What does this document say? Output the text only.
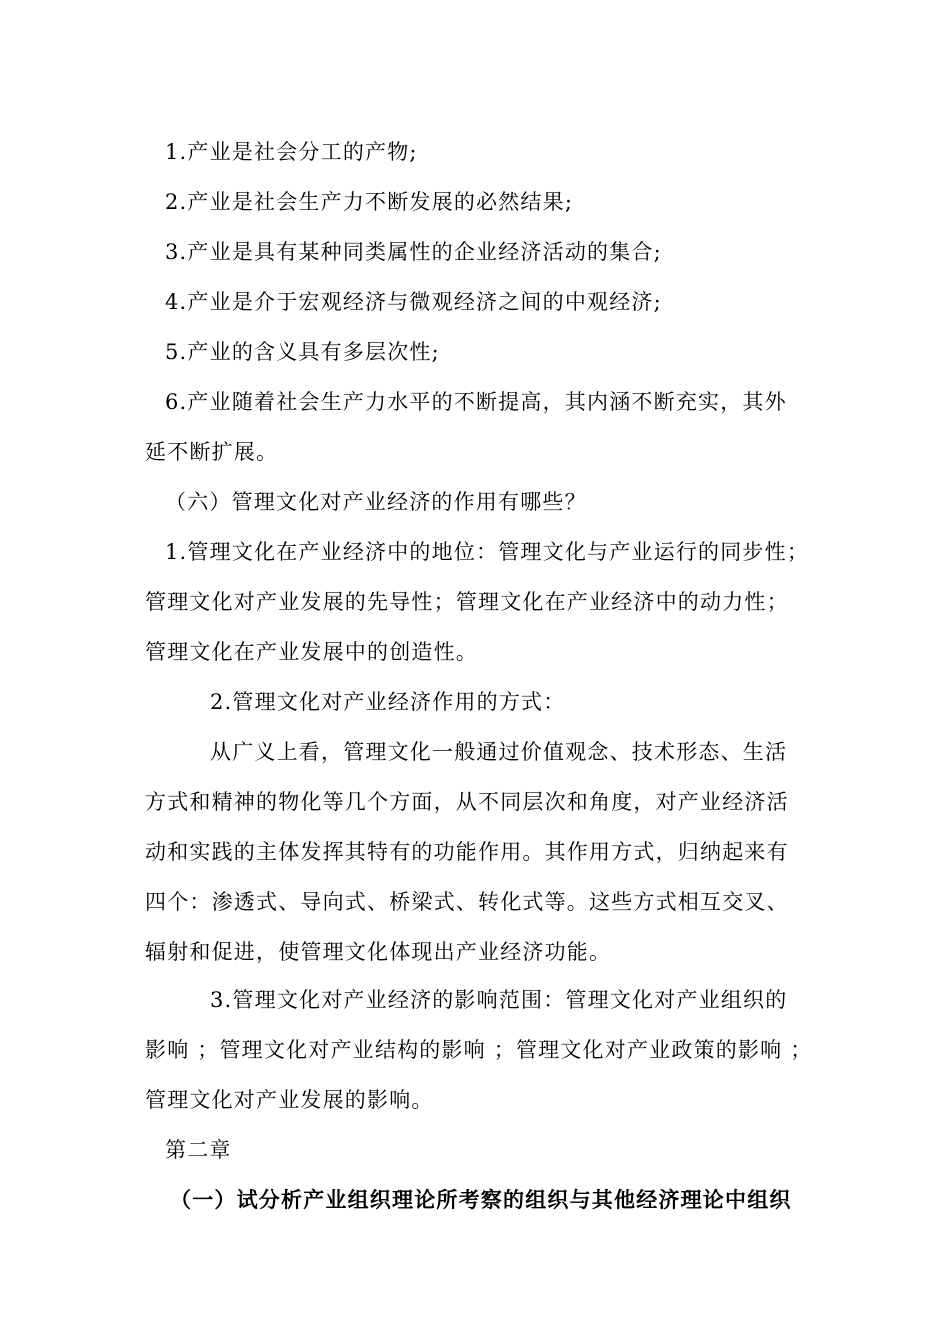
1.产业是社会分工的产物;
2.产业是社会生产力不断发展的必然结果;
3.产业是具有某种同类属性的企业经济活动的集合;
4.产业是介于宏观经济与微观经济之间的中观经济;
5.产业的含义具有多层次性;
6.产业随着社会生产力水平的不断提高，其内涵不断充实，其外
延不断扩展。
（六）管理文化对产业经济的作用有哪些？
1.管理文化在产业经济中的地位：管理文化与产业运行的同步性；
管理文化对产业发展的先导性；管理文化在产业经济中的动力性；
管理文化在产业发展中的创造性。
2.管理文化对产业经济作用的方式：
从广义上看，管理文化一般通过价值观念、技术形态、生活
方式和精神的物化等几个方面，从不同层次和角度，对产业经济活
动和实践的主体发挥其特有的功能作用。其作用方式，归纳起来有
四个：渗透式、导向式、桥梁式、转化式等。这些方式相互交叉、
辐射和促进，使管理文化体现出产业经济功能。
3.管理文化对产业经济的影响范围：管理文化对产业组织的
影响 ；管理文化对产业结构的影响 ；管理文化对产业政策的影响 ；
管理文化对产业发展的影响。
第二章
（一）试分析产业组织理论所考察的组织与其他经济理论中组织
